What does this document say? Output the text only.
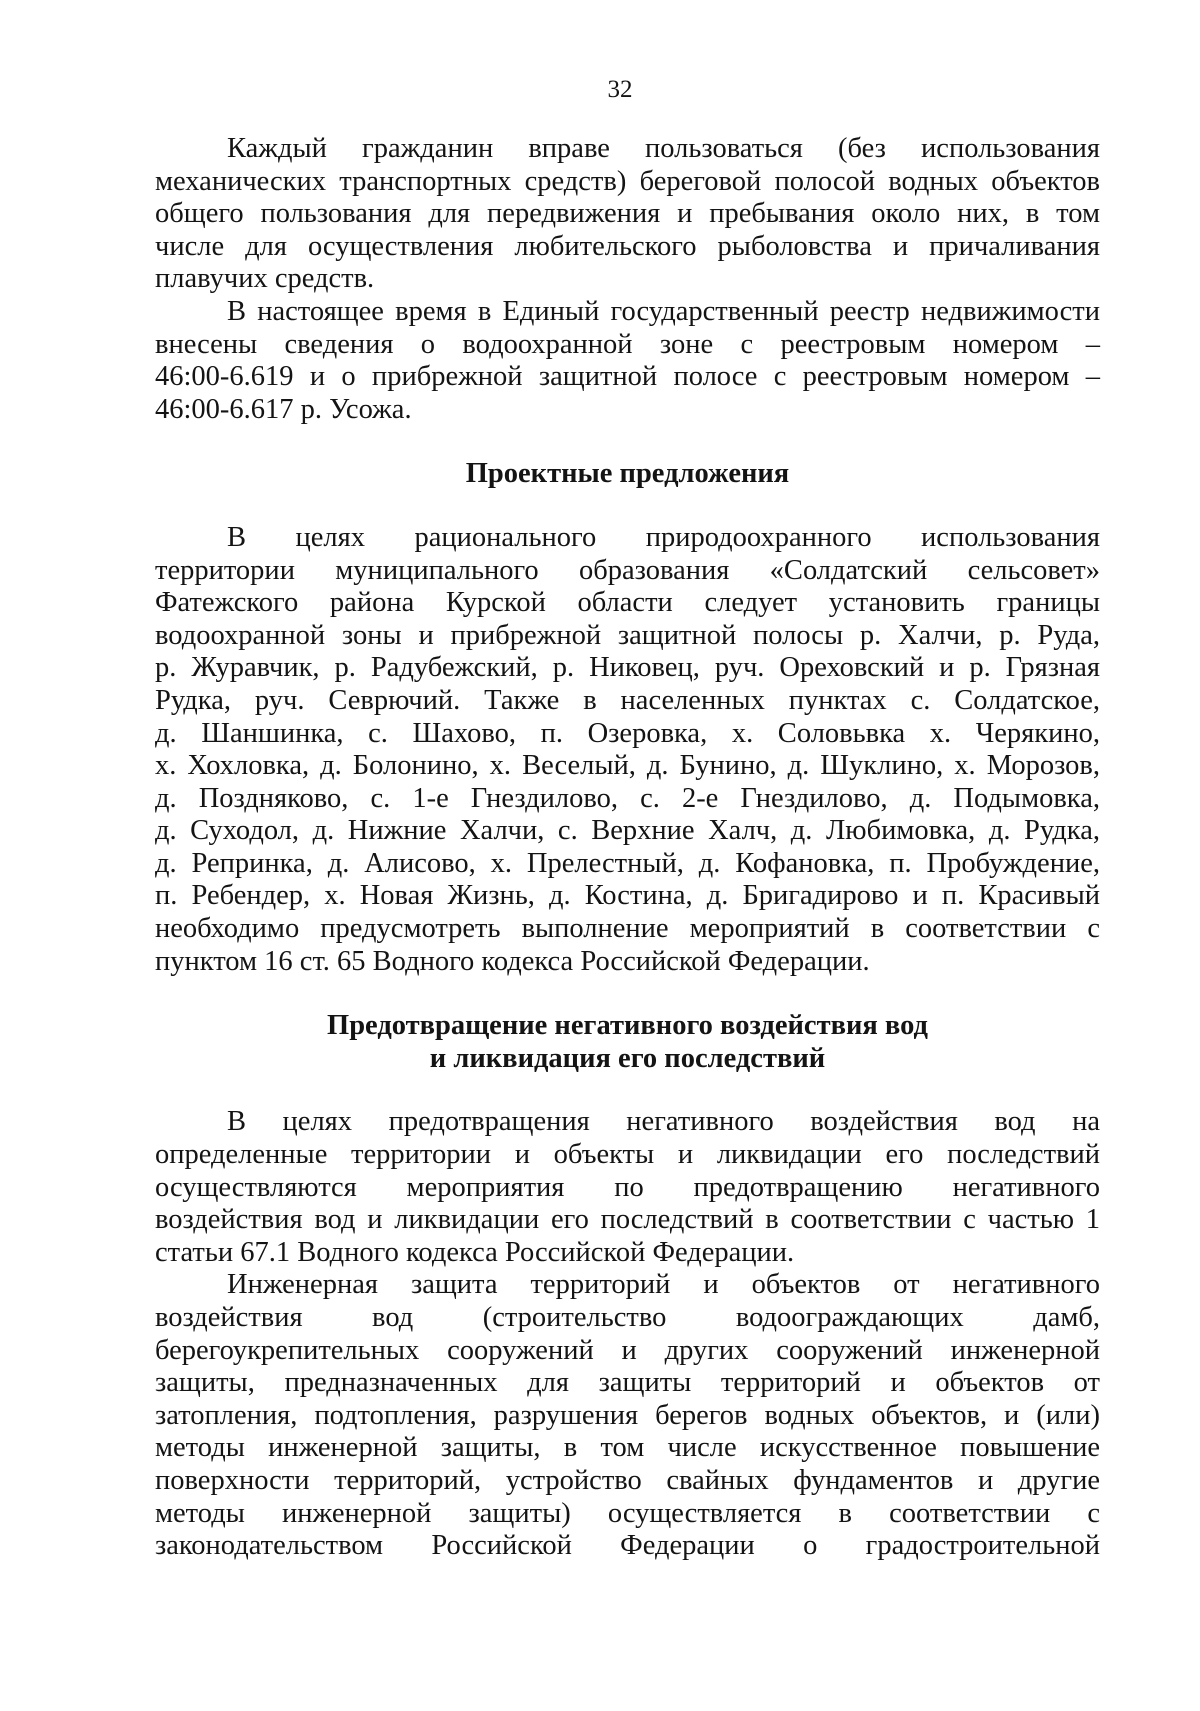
32
Каждый гражданин вправе пользоваться (без использования
механических транспортных средств) береговой полосой водных объектов
общего пользования для передвижения и пребывания около них, в том
числе для осуществления любительского рыболовства и причаливания
плавучих средств.
В настоящее время в Единый государственный реестр недвижимости
внесены сведения о водоохранной зоне с реестровым номером –
46:00-6.619 и о прибрежной защитной полосе с реестровым номером –
46:00-6.617 р. Усожа.
Проектные предложения
В целях рационального природоохранного использования
территории муниципального образования «Солдатский сельсовет»
Фатежского района Курской области следует установить границы
водоохранной зоны и прибрежной защитной полосы р. Халчи, р. Руда,
р. Журавчик, р. Радубежский, р. Никовец, руч. Ореховский и р. Грязная
Рудка, руч. Севрючий. Также в населенных пунктах с. Солдатское,
д. Шаншинка, с. Шахово, п. Озеровка, х. Соловьвка х. Черякино,
х. Хохловка, д. Болонино, х. Веселый, д. Бунино, д. Шуклино, х. Морозов,
д. Поздняково, с. 1-е Гнездилово, с. 2-е Гнездилово, д. Подымовка,
д. Суходол, д. Нижние Халчи, с. Верхние Халч, д. Любимовка, д. Рудка,
д. Репринка, д. Алисово, х. Прелестный, д. Кофановка, п. Пробуждение,
п. Ребендер, х. Новая Жизнь, д. Костина, д. Бригадирово и п. Красивый
необходимо предусмотреть выполнение мероприятий в соответствии с
пунктом 16 ст. 65 Водного кодекса Российской Федерации.
Предотвращение негативного воздействия вод
и ликвидация его последствий
В целях предотвращения негативного воздействия вод на
определенные территории и объекты и ликвидации его последствий
осуществляются мероприятия по предотвращению негативного
воздействия вод и ликвидации его последствий в соответствии с частью 1
статьи 67.1 Водного кодекса Российской Федерации.
Инженерная защита территорий и объектов от негативного
воздействия вод (строительство водоограждающих дамб,
берегоукрепительных сооружений и других сооружений инженерной
защиты, предназначенных для защиты территорий и объектов от
затопления, подтопления, разрушения берегов водных объектов, и (или)
методы инженерной защиты, в том числе искусственное повышение
поверхности территорий, устройство свайных фундаментов и другие
методы инженерной защиты) осуществляется в соответствии с
законодательством Российской Федерации о градостроительной
